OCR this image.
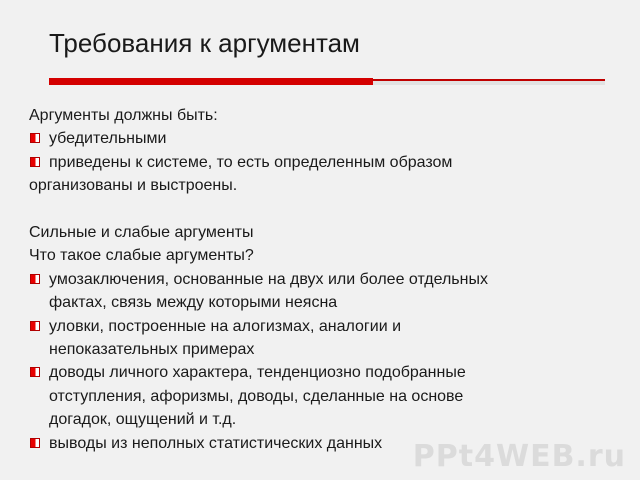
Требования к аргументам
Аргументы должны быть:
убедительными
приведены к системе, то есть определенным образом
организованы и выстроены.
Сильные и слабые аргументы
Что такое слабые аргументы?
умозаключения, основанные на двух или более отдельных
фактах, связь между которыми неясна
уловки, построенные на алогизмах, аналогии и
непоказательных примерах
доводы личного характера, тенденциозно подобранные
отступления, афоризмы, доводы, сделанные на основе
догадок, ощущений и т.д.
выводы из неполных статистических данных	PPt4WEB.ru
